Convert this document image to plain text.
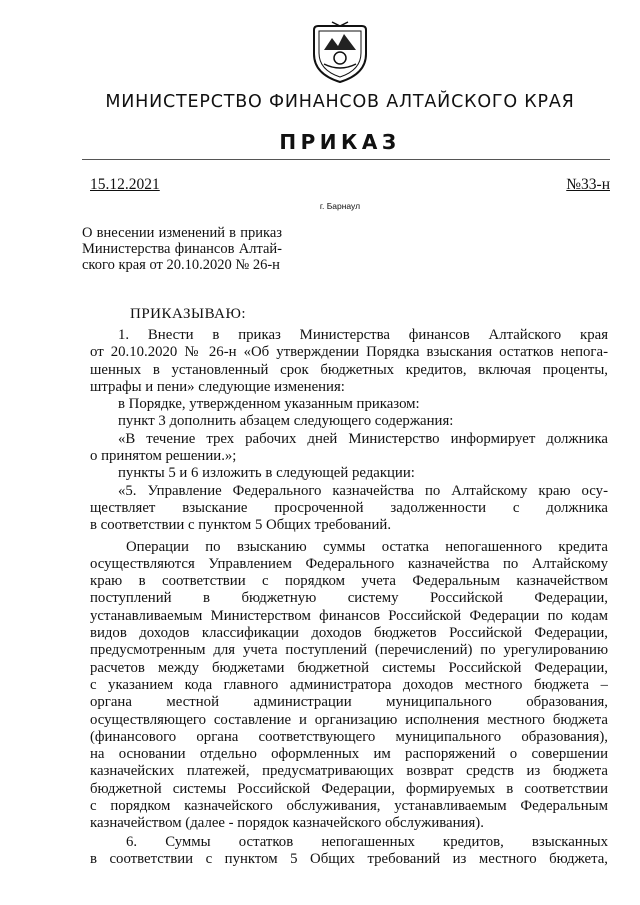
МИНИСТЕРСТВО ФИНАНСОВ АЛТАЙСКОГО КРАЯ
ПРИКАЗ
15.12.2021	№33-н
г. Барнаул
О внесении изменений в приказ
Министерства финансов Алтай-
ского края от 20.10.2020 № 26-н
ПРИКАЗЫВАЮ:
1. Внести в приказ Министерства финансов Алтайского края
от 20.10.2020 № 26-н «Об утверждении Порядка взыскания остатков непога-
шенных в установленный срок бюджетных кредитов, включая проценты,
штрафы и пени» следующие изменения:
в Порядке, утвержденном указанным приказом:
пункт 3 дополнить абзацем следующего содержания:
«В течение трех рабочих дней Министерство информирует должника
о принятом решении.»;
пункты 5 и 6 изложить в следующей редакции:
«5. Управление Федерального казначейства по Алтайскому краю осу-
ществляет взыскание просроченной задолженности с должника
в соответствии с пунктом 5 Общих требований.
Операции по взысканию суммы остатка непогашенного кредита
осуществляются Управлением Федерального казначейства по Алтайскому
краю в соответствии с порядком учета Федеральным казначейством
поступлений в бюджетную систему Российской Федерации,
устанавливаемым Министерством финансов Российской Федерации по кодам
видов доходов классификации доходов бюджетов Российской Федерации,
предусмотренным для учета поступлений (перечислений) по урегулированию
расчетов между бюджетами бюджетной системы Российской Федерации,
с указанием кода главного администратора доходов местного бюджета –
органа местной администрации муниципального образования,
осуществляющего составление и организацию исполнения местного бюджета
(финансового органа соответствующего муниципального образования),
на основании отдельно оформленных им распоряжений о совершении
казначейских платежей, предусматривающих возврат средств из бюджета
бюджетной системы Российской Федерации, формируемых в соответствии
с порядком казначейского обслуживания, устанавливаемым Федеральным
казначейством (далее - порядок казначейского обслуживания).
6. Суммы остатков непогашенных кредитов, взысканных
в соответствии с пунктом 5 Общих требований из местного бюджета,
